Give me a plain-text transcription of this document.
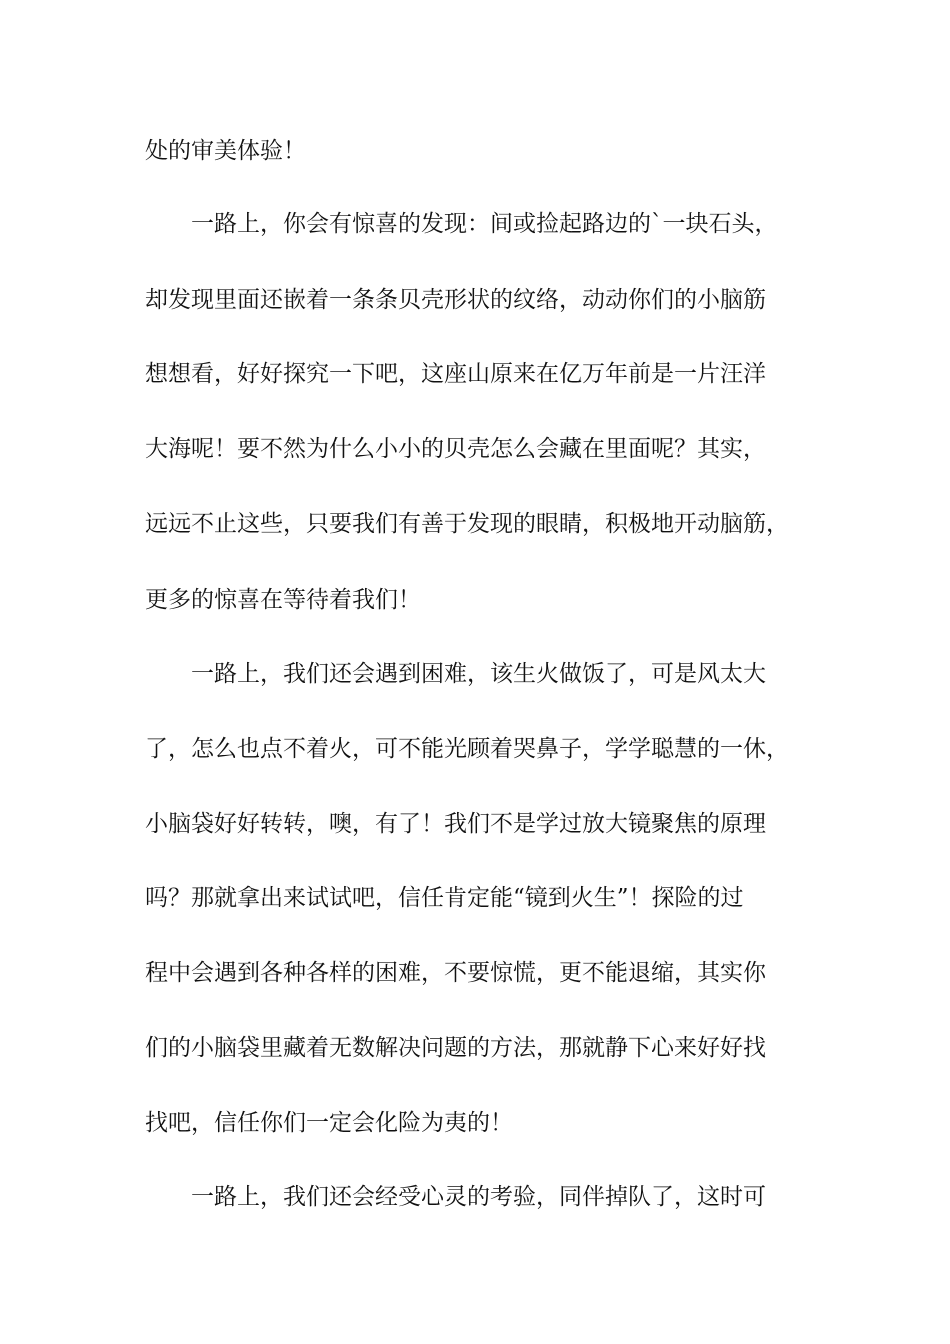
处的审美体验！

　　一路上，你会有惊喜的发现：间或捡起路边的`一块石头，

却发现里面还嵌着一条条贝壳形状的纹络，动动你们的小脑筋

想想看，好好探究一下吧，这座山原来在亿万年前是一片汪洋

大海呢！要不然为什么小小的贝壳怎么会藏在里面呢？其实，

远远不止这些，只要我们有善于发现的眼睛，积极地开动脑筋，

更多的惊喜在等待着我们！

　　一路上，我们还会遇到困难，该生火做饭了，可是风太大

了，怎么也点不着火，可不能光顾着哭鼻子，学学聪慧的一休，

小脑袋好好转转，噢，有了！我们不是学过放大镜聚焦的原理

吗？那就拿出来试试吧，信任肯定能“镜到火生”！探险的过

程中会遇到各种各样的困难，不要惊慌，更不能退缩，其实你

们的小脑袋里藏着无数解决问题的方法，那就静下心来好好找

找吧，信任你们一定会化险为夷的！

　　一路上，我们还会经受心灵的考验，同伴掉队了，这时可
